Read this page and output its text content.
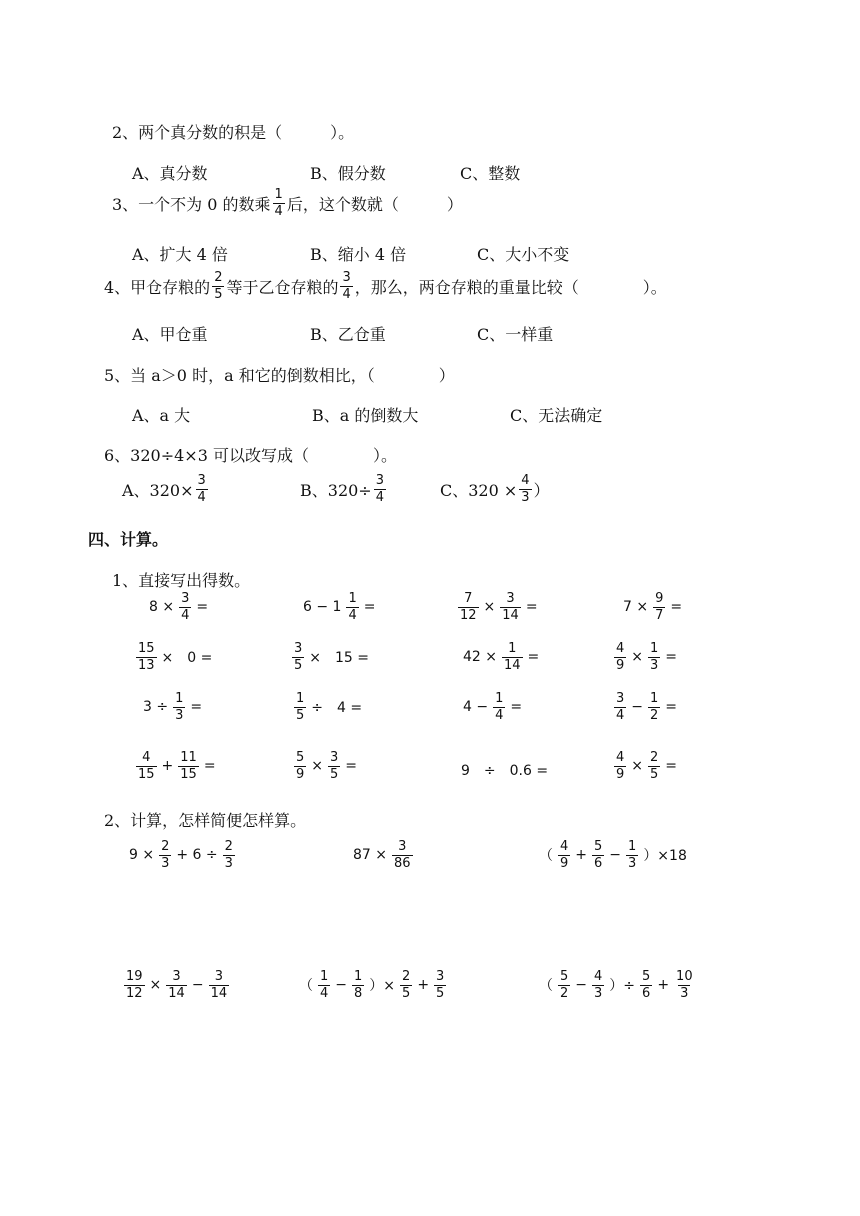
2、两个真分数的积是（　　　）。
A、真分数	B、假分数	C、整数
3、一个不为 0 的数乘 $\frac{1}{4}$ 后，这个数就（　　　）
A、扩大 4 倍	B、缩小 4 倍	C、大小不变
4、甲仓存粮的 $\frac{2}{5}$ 等于乙仓存粮的 $\frac{3}{4}$ ，那么，两仓存粮的重量比较（　　　　）。
A、甲仓重	B、乙仓重	C、一样重
5、当 a＞0 时，a 和它的倒数相比，（　　　　）
A、a 大	B、a 的倒数大	C、无法确定
6、320÷4×3 可以改写成（　　　　）。
A、$320\times \frac{3}{4}$	B、$320\div \frac{3}{4}$	C、$320 \times \frac{4}{3}$ ）
四、计算。
1、直接写出得数。
$8 \times \frac{3}{4}$ =	$6 - 1 \frac{1}{4}$ =	$\frac{7}{12} \times \frac{3}{14}$ =	$7 \times \frac{9}{7}$ =
$\frac{15}{13}$ ×　0 =	$\frac{3}{5}$ ×　15 =	$42 \times \frac{1}{14}$ =	$\frac{4}{9} \times \frac{1}{3}$ =
$3 \div \frac{1}{3}$ =	$\frac{1}{5}$ ÷　4 =	$4 - \frac{1}{4}$ =	$\frac{3}{4} - \frac{1}{2}$ =
$\frac{4}{15} + \frac{11}{15}$ =	$\frac{5}{9} \times \frac{3}{5}$ =	9　÷　0.6 =	$\frac{4}{9} \times \frac{2}{5}$ =
2、计算，怎样简便怎样算。
$9 \times \frac{2}{3} + 6 \div \frac{2}{3}$	$87 \times \frac{3}{86}$	（ $\frac{4}{9} + \frac{5}{6} - \frac{1}{3} )\times 18$
$\frac{19}{12} \times \frac{3}{14} - \frac{3}{14}$	（ $\frac{1}{4} - \frac{1}{8}$ ）× $\frac{2}{5} + \frac{3}{5}$	（ $\frac{5}{2} - \frac{4}{3}$ ）÷ $\frac{5}{6} + \frac{10}{3}$
